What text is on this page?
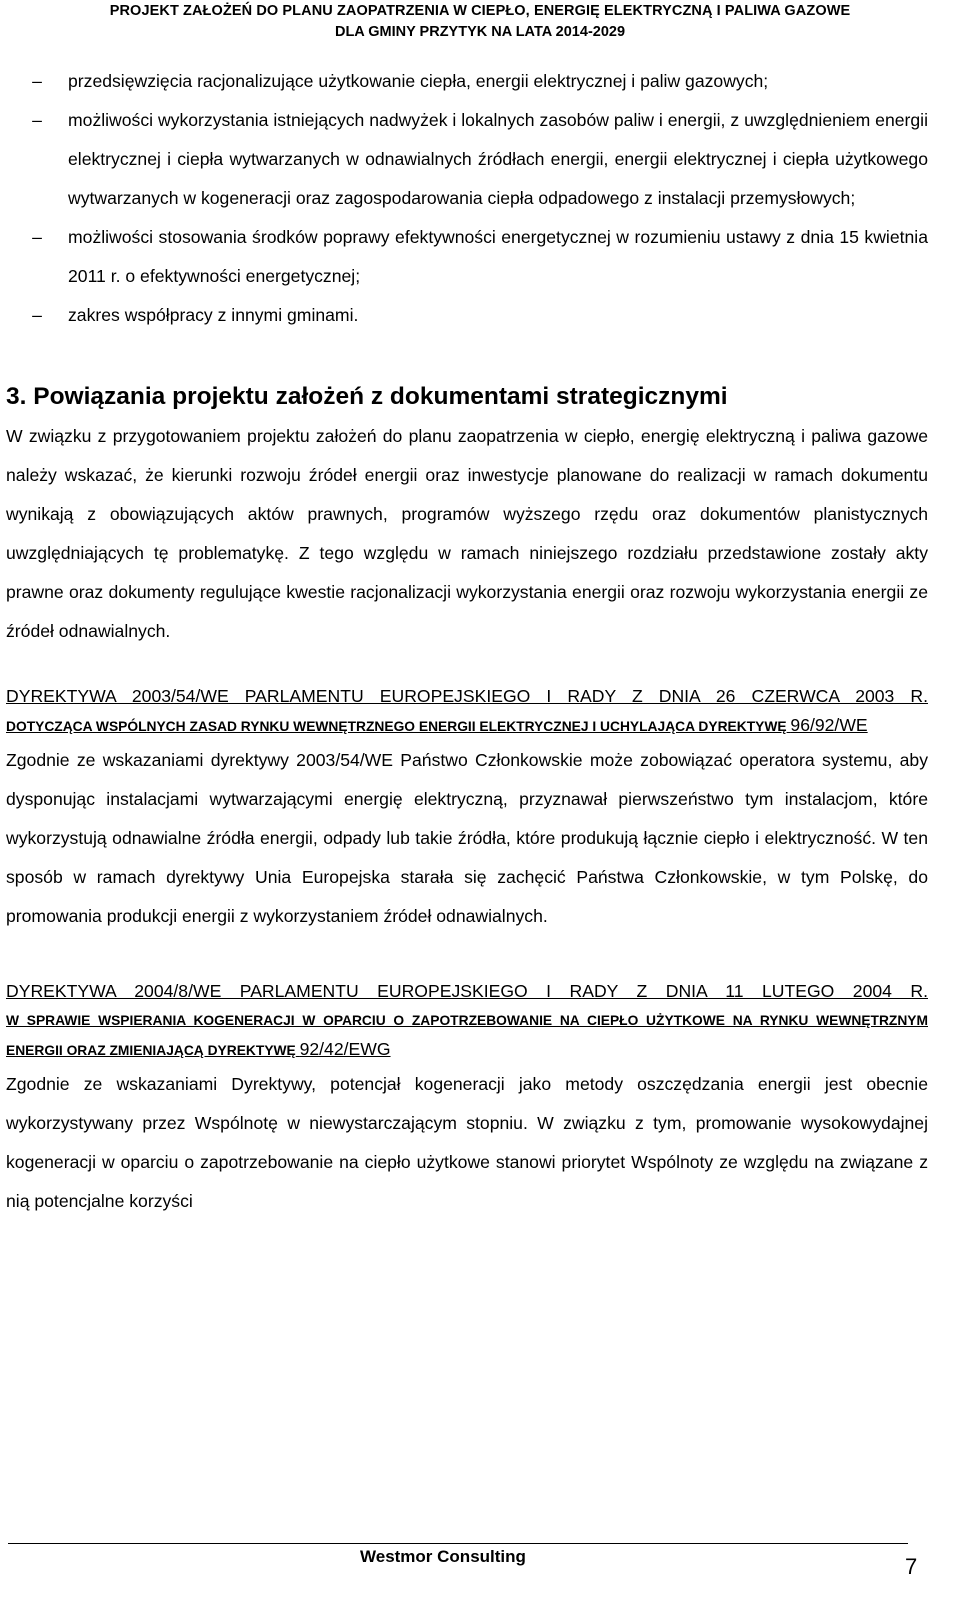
PROJEKT ZAŁOŻEŃ DO PLANU ZAOPATRZENIA W CIEPŁO, ENERGIĘ ELEKTRYCZNĄ I PALIWA GAZOWE
DLA GMINY PRZYTYK NA LATA 2014-2029
– przedsięwzięcia racjonalizujące użytkowanie ciepła, energii elektrycznej i paliw gazowych;
– możliwości wykorzystania istniejących nadwyżek i lokalnych zasobów paliw i energii, z uwzględnieniem energii elektrycznej i ciepła wytwarzanych w odnawialnych źródłach energii, energii elektrycznej i ciepła użytkowego wytwarzanych w kogeneracji oraz zagospodarowania ciepła odpadowego z instalacji przemysłowych;
– możliwości stosowania środków poprawy efektywności energetycznej w rozumieniu ustawy z dnia 15 kwietnia 2011 r. o efektywności energetycznej;
– zakres współpracy z innymi gminami.
3. Powiązania projektu założeń z dokumentami strategicznymi

W związku z przygotowaniem projektu założeń do planu zaopatrzenia w ciepło, energię elektryczną i paliwa gazowe należy wskazać, że kierunki rozwoju źródeł energii oraz inwestycje planowane do realizacji w ramach dokumentu wynikają z obowiązujących aktów prawnych, programów wyższego rzędu oraz dokumentów planistycznych uwzględniających tę problematykę. Z tego względu w ramach niniejszego rozdziału przedstawione zostały akty prawne oraz dokumenty regulujące kwestie racjonalizacji wykorzystania energii oraz rozwoju wykorzystania energii ze źródeł odnawialnych.

DYREKTYWA 2003/54/WE PARLAMENTU EUROPEJSKIEGO I RADY Z DNIA 26 CZERWCA 2003 R.
DOTYCZĄCA WSPÓLNYCH ZASAD RYNKU WEWNĘTRZNEGO ENERGII ELEKTRYCZNEJ I UCHYLAJĄCA DYREKTYWĘ 96/92/WE

Zgodnie ze wskazaniami dyrektywy 2003/54/WE Państwo Członkowskie może zobowiązać operatora systemu, aby dysponując instalacjami wytwarzającymi energię elektryczną, przyznawał pierwszeństwo tym instalacjom, które wykorzystują odnawialne źródła energii, odpady lub takie źródła, które produkują łącznie ciepło i elektryczność. W ten sposób w ramach dyrektywy Unia Europejska starała się zachęcić Państwa Członkowskie, w tym Polskę, do promowania produkcji energii z wykorzystaniem źródeł odnawialnych.

DYREKTYWA 2004/8/WE PARLAMENTU EUROPEJSKIEGO I RADY Z DNIA 11 LUTEGO 2004 R.
W SPRAWIE WSPIERANIA KOGENERACJI W OPARCIU O ZAPOTRZEBOWANIE NA CIEPŁO UŻYTKOWE NA RYNKU WEWNĘTRZNYM ENERGII ORAZ ZMIENIAJĄCĄ DYREKTYWĘ 92/42/EWG

Zgodnie ze wskazaniami Dyrektywy, potencjał kogeneracji jako metody oszczędzania energii jest obecnie wykorzystywany przez Wspólnotę w niewystarczającym stopniu. W związku z tym, promowanie wysokowydajnej kogeneracji w oparciu o zapotrzebowanie na ciepło użytkowe stanowi priorytet Wspólnoty ze względu na związane z nią potencjalne korzyści

Westmor Consulting	7
